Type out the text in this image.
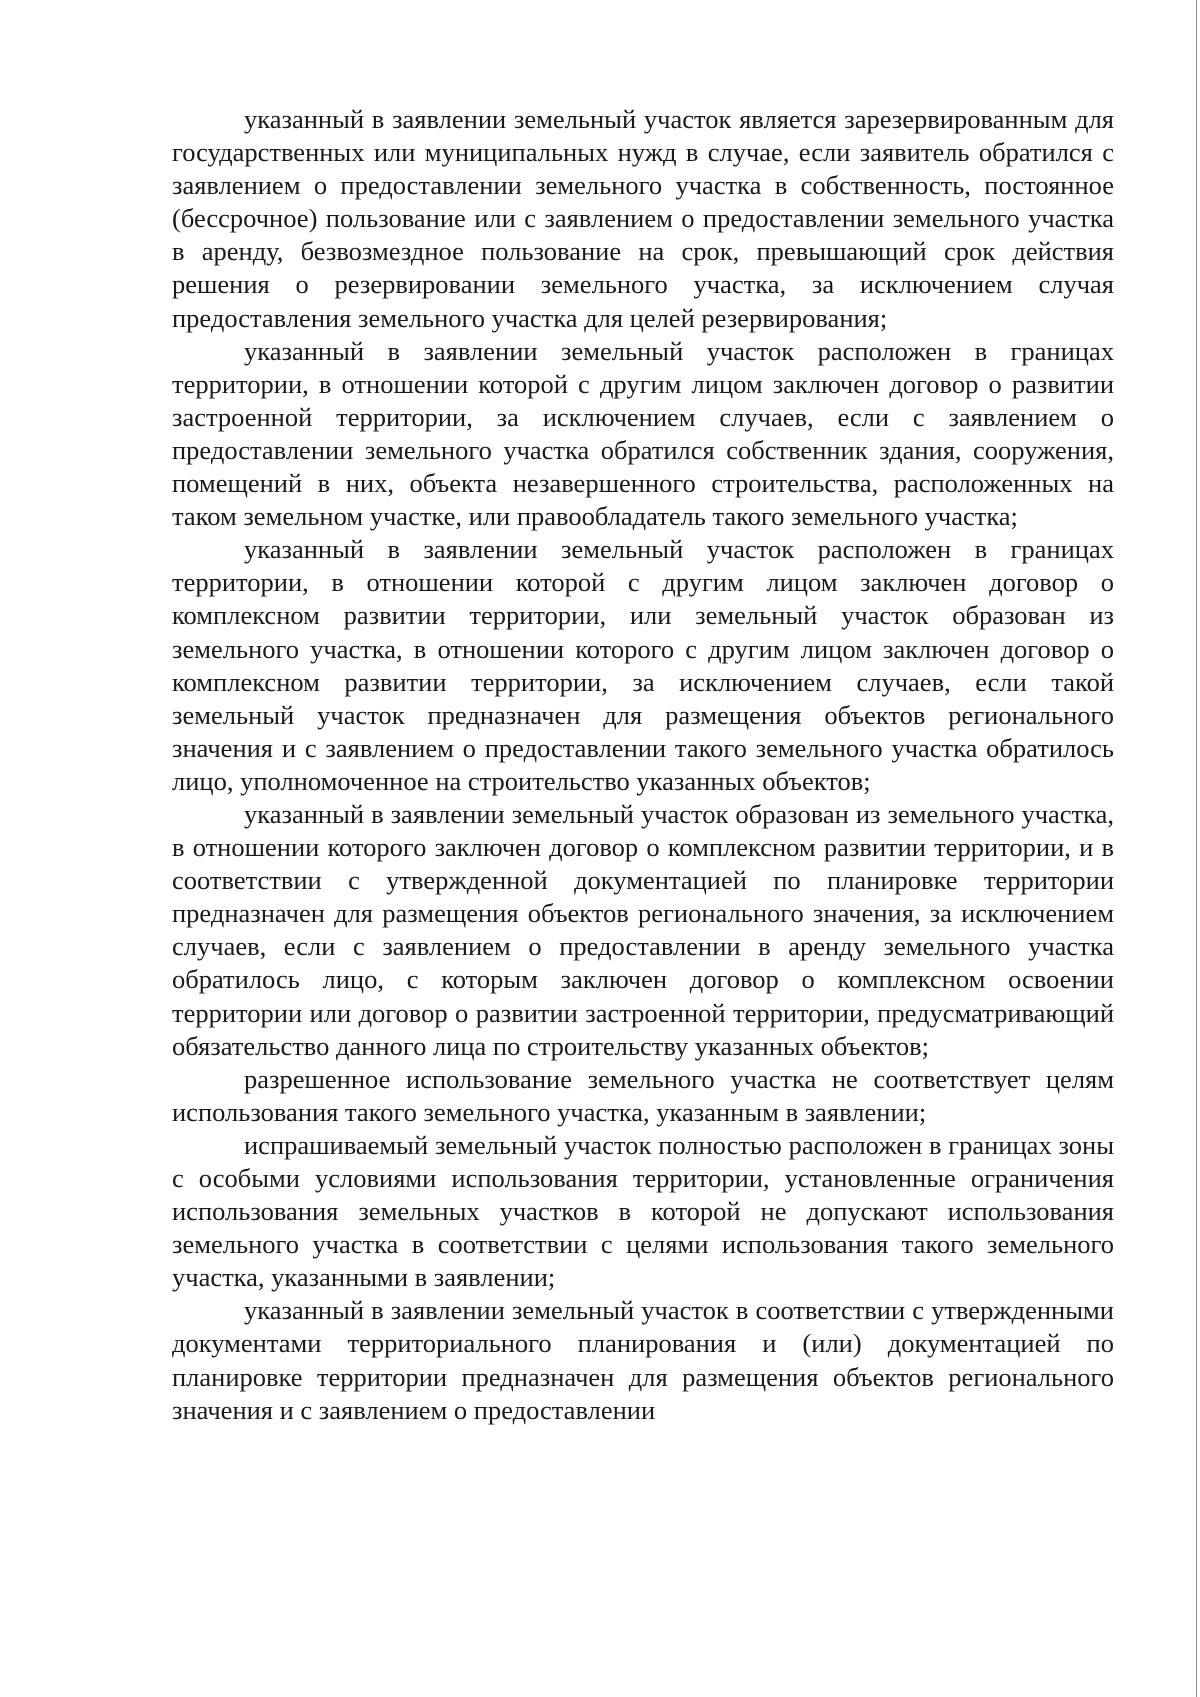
указанный в заявлении земельный участок является зарезервированным для государственных или муниципальных нужд в случае, если заявитель обратился с заявлением о предоставлении земельного участка в собственность, постоянное (бессрочное) пользование или с заявлением о предоставлении земельного участка в аренду, безвозмездное пользование на срок, превышающий срок действия решения о резервировании земельного участка, за исключением случая предоставления земельного участка для целей резервирования;

указанный в заявлении земельный участок расположен в границах территории, в отношении которой с другим лицом заключен договор о развитии застроенной территории, за исключением случаев, если с заявлением о предоставлении земельного участка обратился собственник здания, сооружения, помещений в них, объекта незавершенного строительства, расположенных на таком земельном участке, или правообладатель такого земельного участка;

указанный в заявлении земельный участок расположен в границах территории, в отношении которой с другим лицом заключен договор о комплексном развитии территории, или земельный участок образован из земельного участка, в отношении которого с другим лицом заключен договор о комплексном развитии территории, за исключением случаев, если такой земельный участок предназначен для размещения объектов регионального значения и с заявлением о предоставлении такого земельного участка обратилось лицо, уполномоченное на строительство указанных объектов;

указанный в заявлении земельный участок образован из земельного участка, в отношении которого заключен договор о комплексном развитии территории, и в соответствии с утвержденной документацией по планировке территории предназначен для размещения объектов регионального значения, за исключением случаев, если с заявлением о предоставлении в аренду земельного участка обратилось лицо, с которым заключен договор о комплексном освоении территории или договор о развитии застроенной территории, предусматривающий обязательство данного лица по строительству указанных объектов;

разрешенное использование земельного участка не соответствует целям использования такого земельного участка, указанным в заявлении;

испрашиваемый земельный участок полностью расположен в границах зоны с особыми условиями использования территории, установленные ограничения использования земельных участков в которой не допускают использования земельного участка в соответствии с целями использования такого земельного участка, указанными в заявлении;

указанный в заявлении земельный участок в соответствии с утвержденными документами территориального планирования и (или) документацией по планировке территории предназначен для размещения объектов регионального значения и с заявлением о предоставлении
